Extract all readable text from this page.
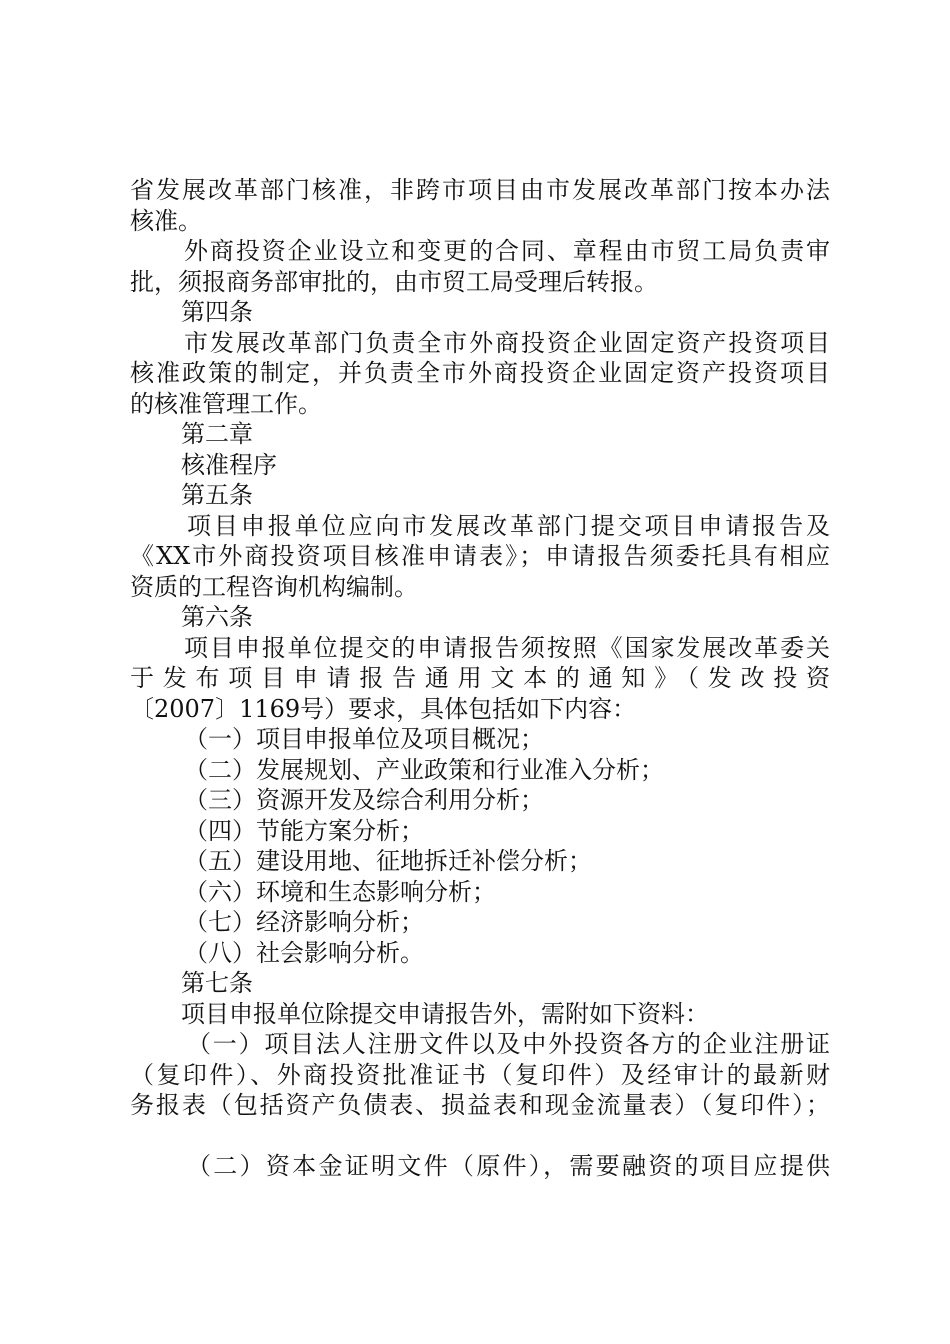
省发展改革部门核准，非跨市项目由市发展改革部门按本办法
核准。
外商投资企业设立和变更的合同、章程由市贸工局负责审
批，须报商务部审批的，由市贸工局受理后转报。
第四条
市发展改革部门负责全市外商投资企业固定资产投资项目
核准政策的制定，并负责全市外商投资企业固定资产投资项目
的核准管理工作。
第二章
核准程序
第五条
项目申报单位应向市发展改革部门提交项目申请报告及
《XX市外商投资项目核准申请表》；申请报告须委托具有相应
资质的工程咨询机构编制。
第六条
项目申报单位提交的申请报告须按照《国家发展改革委关
于发布项目申请报告通用文本的通知》（发改投资
〔2007〕1169号）要求，具体包括如下内容：
（一）项目申报单位及项目概况；
（二）发展规划、产业政策和行业准入分析；
（三）资源开发及综合利用分析；
（四）节能方案分析；
（五）建设用地、征地拆迁补偿分析；
（六）环境和生态影响分析；
（七）经济影响分析；
（八）社会影响分析。
第七条
项目申报单位除提交申请报告外，需附如下资料：
（一）项目法人注册文件以及中外投资各方的企业注册证
（复印件）、外商投资批准证书（复印件）及经审计的最新财
务报表（包括资产负债表、损益表和现金流量表）（复印件）；
（二）资本金证明文件（原件），需要融资的项目应提供
